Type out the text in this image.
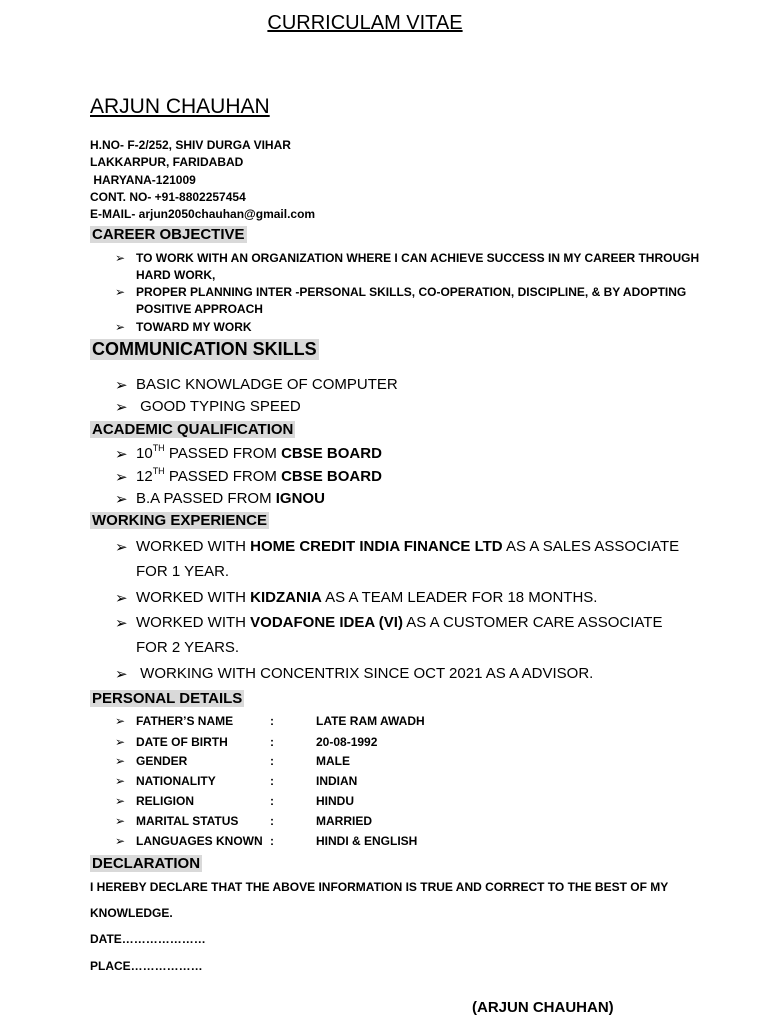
CURRICULAM VITAE
ARJUN CHAUHAN
H.NO- F-2/252, SHIV DURGA VIHAR
LAKKARPUR, FARIDABAD
HARYANA-121009
CONT. NO- +91-8802257454
E-MAIL- arjun2050chauhan@gmail.com
CAREER OBJECTIVE
➢ TO WORK WITH AN ORGANIZATION WHERE I CAN ACHIEVE SUCCESS IN MY CAREER THROUGH
HARD WORK,
➢ PROPER PLANNING INTER -PERSONAL SKILLS, CO-OPERATION, DISCIPLINE, & BY ADOPTING
POSITIVE APPROACH
➢ TOWARD MY WORK
COMMUNICATION SKILLS
➢ BASIC KNOWLADGE OF COMPUTER
➢ GOOD TYPING SPEED
ACADEMIC QUALIFICATION
➢ 10TH PASSED FROM CBSE BOARD
➢ 12TH PASSED FROM CBSE BOARD
➢ B.A PASSED FROM IGNOU
WORKING EXPERIENCE
➢ WORKED WITH HOME CREDIT INDIA FINANCE LTD AS A SALES ASSOCIATE
FOR 1 YEAR.
➢ WORKED WITH KIDZANIA AS A TEAM LEADER FOR 18 MONTHS.
➢ WORKED WITH VODAFONE IDEA (VI) AS A CUSTOMER CARE ASSOCIATE
FOR 2 YEARS.
➢ WORKING WITH CONCENTRIX SINCE OCT 2021 AS A ADVISOR.
PERSONAL DETAILS
➢ FATHER’S NAME	:	LATE RAM AWADH
➢ DATE OF BIRTH	:	20-08-1992
➢ GENDER	:	MALE
➢ NATIONALITY	:	INDIAN
➢ RELIGION	:	HINDU
➢ MARITAL STATUS	:	MARRIED
➢ LANGUAGES KNOWN :	HINDI & ENGLISH
DECLARATION
I HEREBY DECLARE THAT THE ABOVE INFORMATION IS TRUE AND CORRECT TO THE BEST OF MY
KNOWLEDGE.
DATE…………………
PLACE………………
(ARJUN CHAUHAN)
